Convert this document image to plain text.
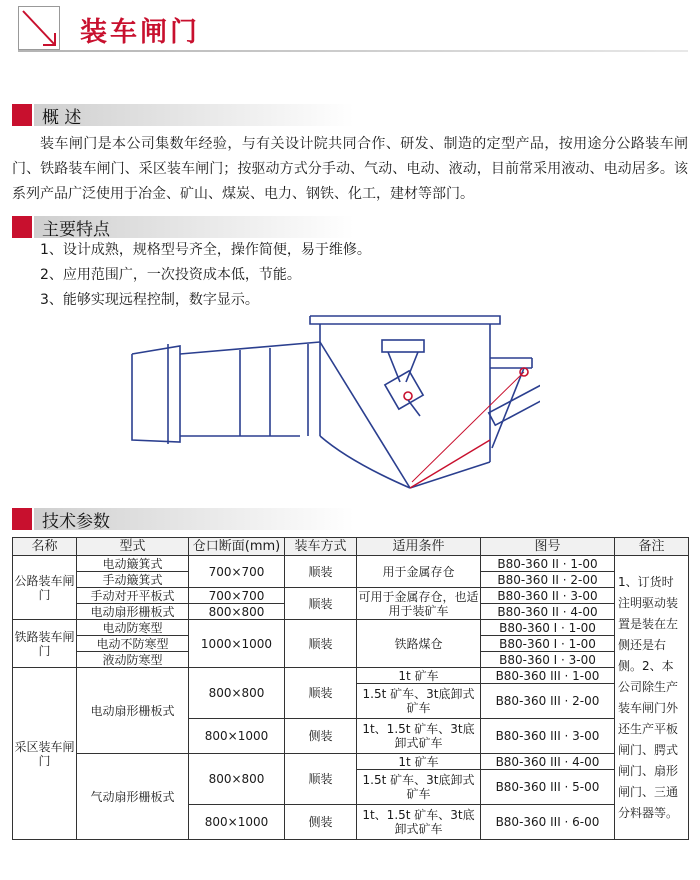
装车闸门
概 述
装车闸门是本公司集数年经验，与有关设计院共同合作、研发、制造的定型产品，按用途分公路装车闸门、铁路装车闸门、采区装车闸门；按驱动方式分手动、气动、电动、液动，目前常采用液动、电动居多。该系列产品广泛使用于冶金、矿山、煤炭、电力、钢铁、化工，建材等部门。
主要特点
1、设计成熟，规格型号齐全，操作简便，易于维修。
2、应用范围广，一次投资成本低，节能。
3、能够实现远程控制，数字显示。
技术参数
名称	型式	仓口断面(mm)	装车方式	适用条件	图号	备注
公路装车闸门	电动簸箕式	700×700	顺装	用于金属存仓	B80-360 II · 1-00	1、订货时注明驱动装置是装在左侧还是右侧。2、本公司除生产装车闸门外还生产平板闸门、腭式闸门、扇形闸门、三通分料器等。
	手动簸箕式				B80-360 II · 2-00	
	手动对开平板式	700×700	顺装	可用于金属存仓，也适用于装矿车	B80-360 II · 3-00	
	电动扇形栅板式	800×800			B80-360 II · 4-00	
铁路装车闸门	电动防寒型	1000×1000	顺装	铁路煤仓	B80-360 I · 1-00	
	电动不防寒型				B80-360 I · 1-00	
	液动防寒型				B80-360 I · 3-00	
采区装车闸门	电动扇形栅板式	800×800	顺装	1t 矿车	B80-360 III · 1-00	
				1.5t 矿车、3t底卸式矿车	B80-360 III · 2-00	
		800×1000	侧装	1t、1.5t 矿车、3t底卸式矿车	B80-360 III · 3-00	
	气动扇形栅板式	800×800	顺装	1t 矿车	B80-360 III · 4-00	
				1.5t 矿车、3t底卸式矿车	B80-360 III · 5-00	
		800×1000	侧装	1t、1.5t 矿车、3t底卸式矿车	B80-360 III · 6-00	
